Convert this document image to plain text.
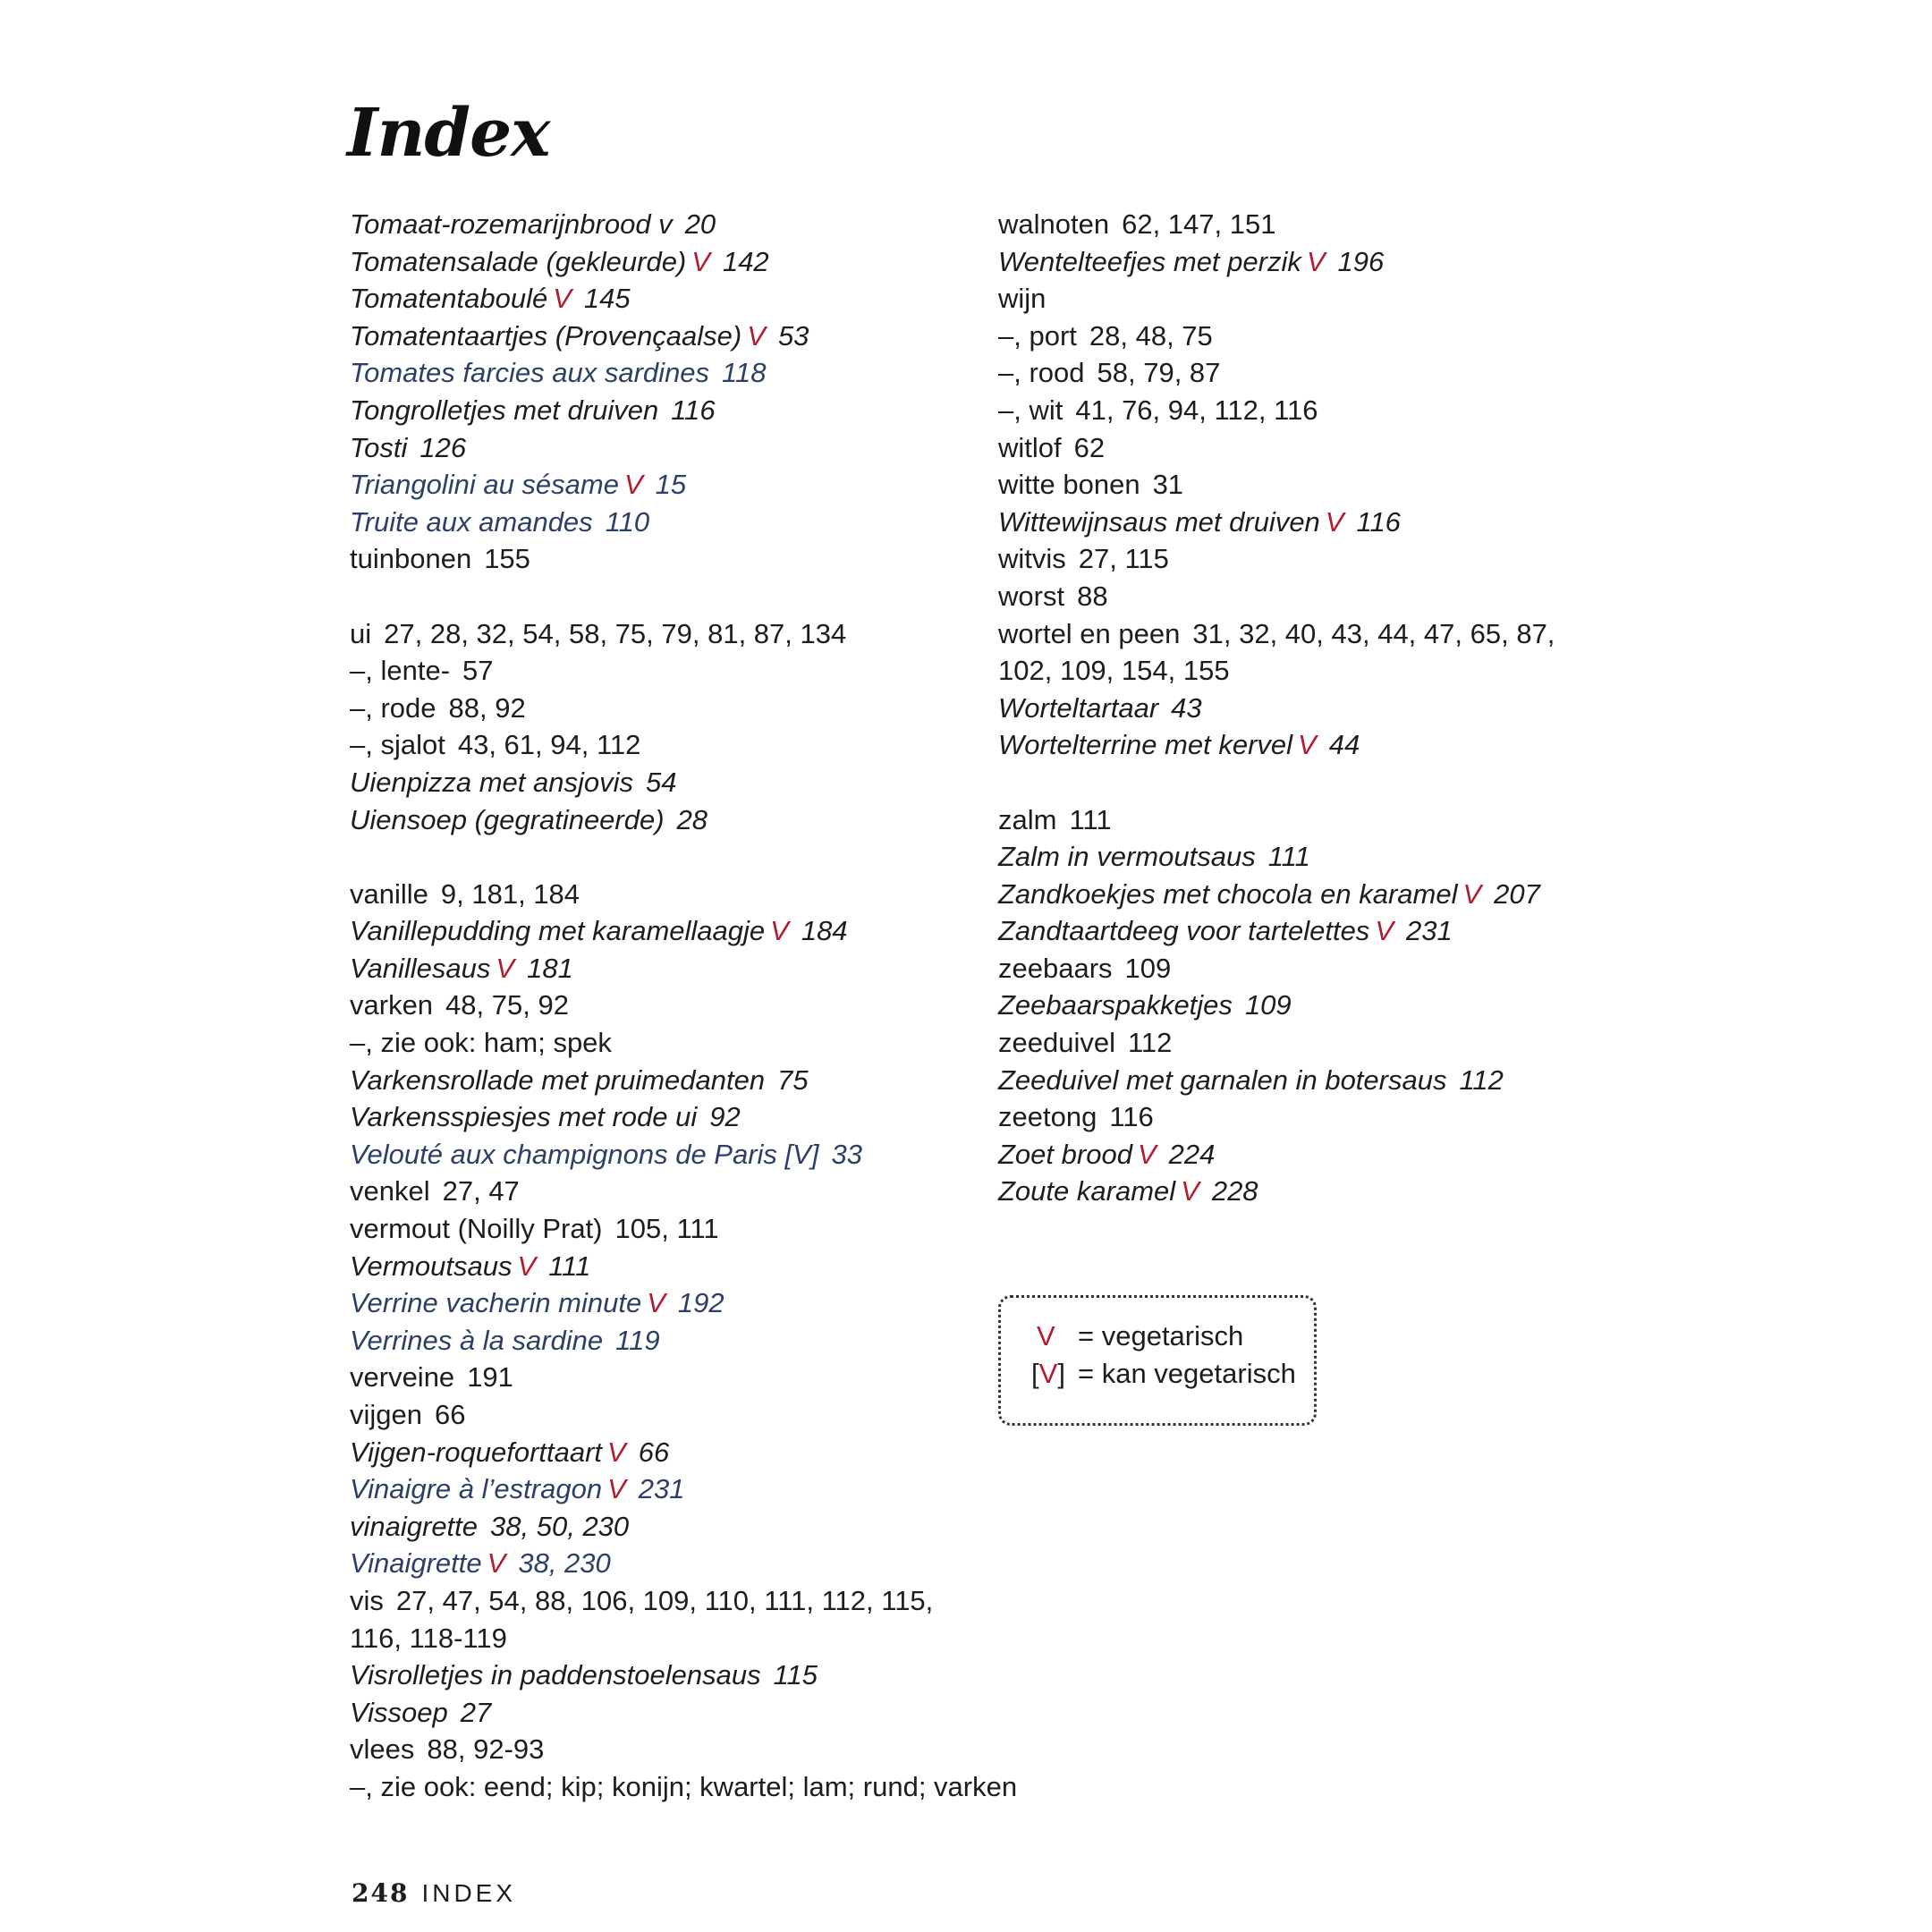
Index
Tomaat-rozemarijnbrood v 20
Tomatensalade (gekleurde) V 142
Tomatentaboulé V 145
Tomatentaartjes (Provençaalse) V 53
Tomates farcies aux sardines 118
Tongrolletjes met druiven 116
Tosti 126
Triangolini au sésame V 15
Truite aux amandes 110
tuinbonen 155
ui 27, 28, 32, 54, 58, 75, 79, 81, 87, 134
–, lente- 57
–, rode 88, 92
–, sjalot 43, 61, 94, 112
Uienpizza met ansjovis 54
Uiensoep (gegratineerde) 28
vanille 9, 181, 184
Vanillepudding met karamellaagje V 184
Vanillesaus V 181
varken 48, 75, 92
–, zie ook: ham; spek
Varkensrollade met pruimedanten 75
Varkensspiesjes met rode ui 92
Velouté aux champignons de Paris [V] 33
venkel 27, 47
vermout (Noilly Prat) 105, 111
Vermoutsaus V 111
Verrine vacherin minute V 192
Verrines à la sardine 119
verveine 191
vijgen 66
Vijgen-roqueforttaart V 66
Vinaigre à l’estragon V 231
vinaigrette 38, 50, 230
Vinaigrette V 38, 230
vis 27, 47, 54, 88, 106, 109, 110, 111, 112, 115, 116, 118-119
Visrolletjes in paddenstoelensaus 115
Vissoep 27
vlees 88, 92-93
–, zie ook: eend; kip; konijn; kwartel; lam; rund; varken
walnoten 62, 147, 151
Wentelteefjes met perzik V 196
wijn
–, port 28, 48, 75
–, rood 58, 79, 87
–, wit 41, 76, 94, 112, 116
witlof 62
witte bonen 31
Wittewijnsaus met druiven V 116
witvis 27, 115
worst 88
wortel en peen 31, 32, 40, 43, 44, 47, 65, 87, 102, 109, 154, 155
Worteltartaar 43
Wortelterrine met kervel V 44
zalm 111
Zalm in vermoutsaus 111
Zandkoekjes met chocola en karamel V 207
Zandtaartdeeg voor tartelettes V 231
zeebaars 109
Zeebaarspakketjes 109
zeeduivel 112
Zeeduivel met garnalen in botersaus 112
zeetong 116
Zoet brood V 224
Zoute karamel V 228
V = vegetarisch
[V] = kan vegetarisch
248 INDEX
